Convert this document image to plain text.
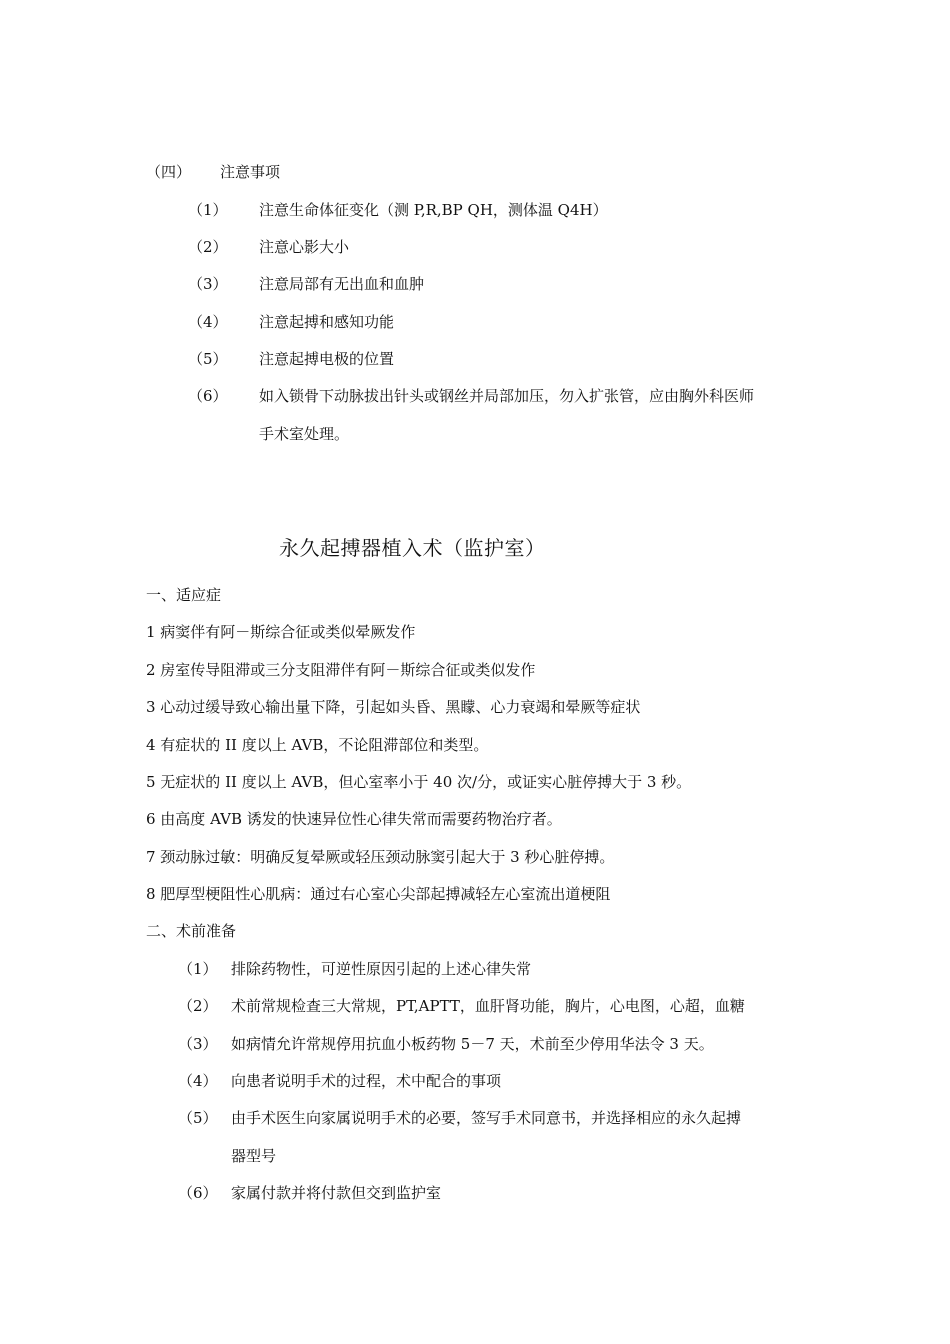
（四） 注意事项
（1） 注意生命体征变化（测 P,R,BP QH，测体温 Q4H）
（2） 注意心影大小
（3） 注意局部有无出血和血肿
（4） 注意起搏和感知功能
（5） 注意起搏电极的位置
（6） 如入锁骨下动脉拔出针头或钢丝并局部加压，勿入扩张管，应由胸外科医师
手术室处理。
永久起搏器植入术（监护室）
一、适应症
1 病窦伴有阿－斯综合征或类似晕厥发作
2 房室传导阻滞或三分支阻滞伴有阿－斯综合征或类似发作
3 心动过缓导致心输出量下降，引起如头昏、黑矇、心力衰竭和晕厥等症状
4 有症状的 II 度以上 AVB，不论阻滞部位和类型。
5 无症状的 II 度以上 AVB，但心室率小于 40 次/分，或证实心脏停搏大于 3 秒。
6 由高度 AVB 诱发的快速异位性心律失常而需要药物治疗者。
7 颈动脉过敏：明确反复晕厥或轻压颈动脉窦引起大于 3 秒心脏停搏。
8 肥厚型梗阻性心肌病：通过右心室心尖部起搏减轻左心室流出道梗阻
二、术前准备
（1） 排除药物性，可逆性原因引起的上述心律失常
（2） 术前常规检查三大常规，PT,APTT，血肝肾功能，胸片，心电图，心超，血糖
（3） 如病情允许常规停用抗血小板药物 5－7 天，术前至少停用华法令 3 天。
（4） 向患者说明手术的过程，术中配合的事项
（5） 由手术医生向家属说明手术的必要，签写手术同意书，并选择相应的永久起搏
器型号
（6） 家属付款并将付款但交到监护室
